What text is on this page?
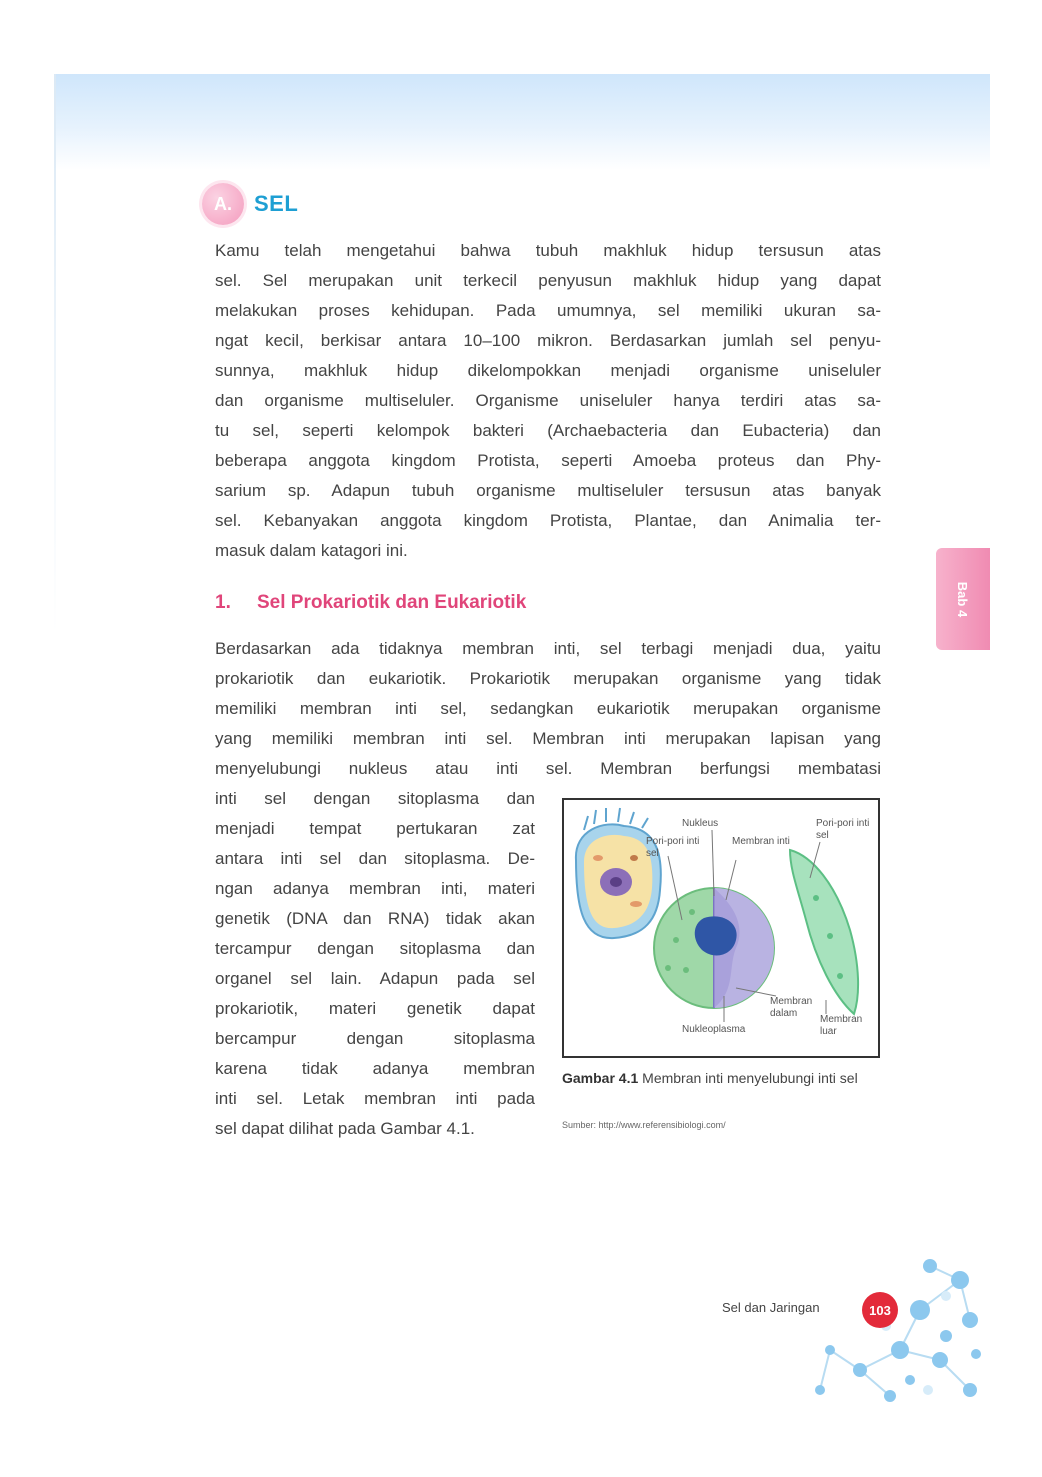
A.	SEL
Kamu telah mengetahui bahwa tubuh makhluk hidup tersusun atas
sel. Sel merupakan unit terkecil penyusun makhluk hidup yang dapat
melakukan proses kehidupan. Pada umumnya, sel memiliki ukuran sa-
ngat kecil, berkisar antara 10–100 mikron. Berdasarkan jumlah sel penyu-
sunnya, makhluk hidup dikelompokkan menjadi organisme uniseluler
dan organisme multiseluler. Organisme uniseluler hanya terdiri atas sa-
tu sel, seperti kelompok bakteri (Archaebacteria dan Eubacteria) dan
beberapa anggota kingdom Protista, seperti Amoeba proteus dan Phy-
sarium sp. Adapun tubuh organisme multiseluler tersusun atas banyak
sel. Kebanyakan anggota kingdom Protista, Plantae, dan Animalia ter-
masuk dalam katagori ini.
Bab 4
1. Sel Prokariotik dan Eukariotik
Berdasarkan ada tidaknya membran inti, sel terbagi menjadi dua, yaitu
prokariotik dan eukariotik. Prokariotik merupakan organisme yang tidak
memiliki membran inti sel, sedangkan eukariotik merupakan organisme
yang memiliki membran inti sel. Membran inti merupakan lapisan yang
menyelubungi nukleus atau inti sel. Membran berfungsi membatasi
inti sel dengan sitoplasma dan
menjadi tempat pertukaran zat
antara inti sel dan sitoplasma. De-
ngan adanya membran inti, materi
genetik (DNA dan RNA) tidak akan
tercampur dengan sitoplasma dan
organel sel lain. Adapun pada sel
prokariotik, materi genetik dapat
bercampur dengan sitoplasma
karena tidak adanya membran
inti sel. Letak membran inti pada
sel dapat dilihat pada Gambar 4.1.
Nukleus
Pori-pori inti sel
Membran inti
Pori-pori inti sel
Membran dalam
Nukleoplasma
Membran luar
Gambar 4.1 Membran inti menyelubungi inti sel
Sumber: http://www.referensibiologi.com/
Sel dan Jaringan	103
